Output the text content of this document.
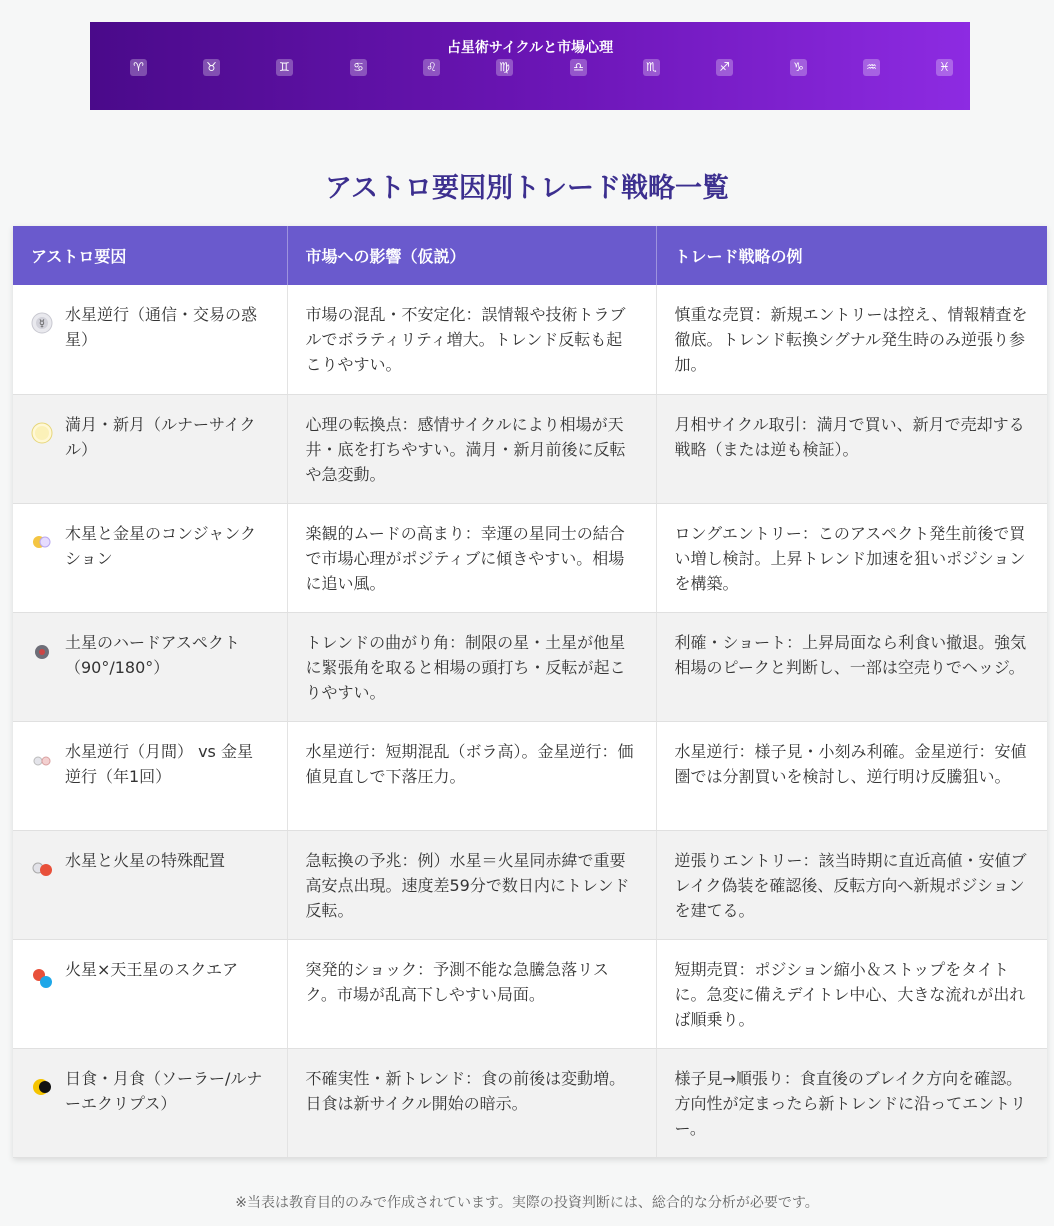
占星術サイクルと市場心理
♈	♉	♊	♋	♌	♍	♎	♏	♐	♑	♒	♓
アストロ要因別トレード戦略一覧
アストロ要因	市場への影響（仮説）	トレード戦略の例

☿ 水星逆行（通信・交易の惑星）	市場の混乱・不安定化：誤情報や技術トラブルでボラティリティ増大。トレンド反転も起こりやすい。	慎重な売買：新規エントリーは控え、情報精査を徹底。トレンド転換シグナル発生時のみ逆張り参加。

満月・新月（ルナーサイクル）	心理の転換点：感情サイクルにより相場が天井・底を打ちやすい。満月・新月前後に反転や急変動。	月相サイクル取引：満月で買い、新月で売却する戦略（または逆も検証）。

木星と金星のコンジャンクション	楽観的ムードの高まり：幸運の星同士の結合で市場心理がポジティブに傾きやすい。相場に追い風。	ロングエントリー：このアスペクト発生前後で買い増し検討。上昇トレンド加速を狙いポジションを構築。

土星のハードアスペクト（90°/180°）	トレンドの曲がり角：制限の星・土星が他星に緊張角を取ると相場の頭打ち・反転が起こりやすい。	利確・ショート：上昇局面なら利食い撤退。強気相場のピークと判断し、一部は空売りでヘッジ。

水星逆行（月間） vs 金星逆行（年1回）	水星逆行：短期混乱（ボラ高）。金星逆行：価値見直しで下落圧力。	水星逆行：様子見・小刻み利確。金星逆行：安値圏では分割買いを検討し、逆行明け反騰狙い。

水星と火星の特殊配置	急転換の予兆：例）水星＝火星同赤緯で重要高安点出現。速度差59分で数日内にトレンド反転。	逆張りエントリー：該当時期に直近高値・安値ブレイク偽装を確認後、反転方向へ新規ポジションを建てる。

火星×天王星のスクエア	突発的ショック：予測不能な急騰急落リスク。市場が乱高下しやすい局面。	短期売買：ポジション縮小＆ストップをタイトに。急変に備えデイトレ中心、大きな流れが出れば順乗り。

日食・月食（ソーラー/ルナーエクリプス）	不確実性・新トレンド：食の前後は変動増。日食は新サイクル開始の暗示。	様子見→順張り：食直後のブレイク方向を確認。方向性が定まったら新トレンドに沿ってエントリー。
※当表は教育目的のみで作成されています。実際の投資判断には、総合的な分析が必要です。
